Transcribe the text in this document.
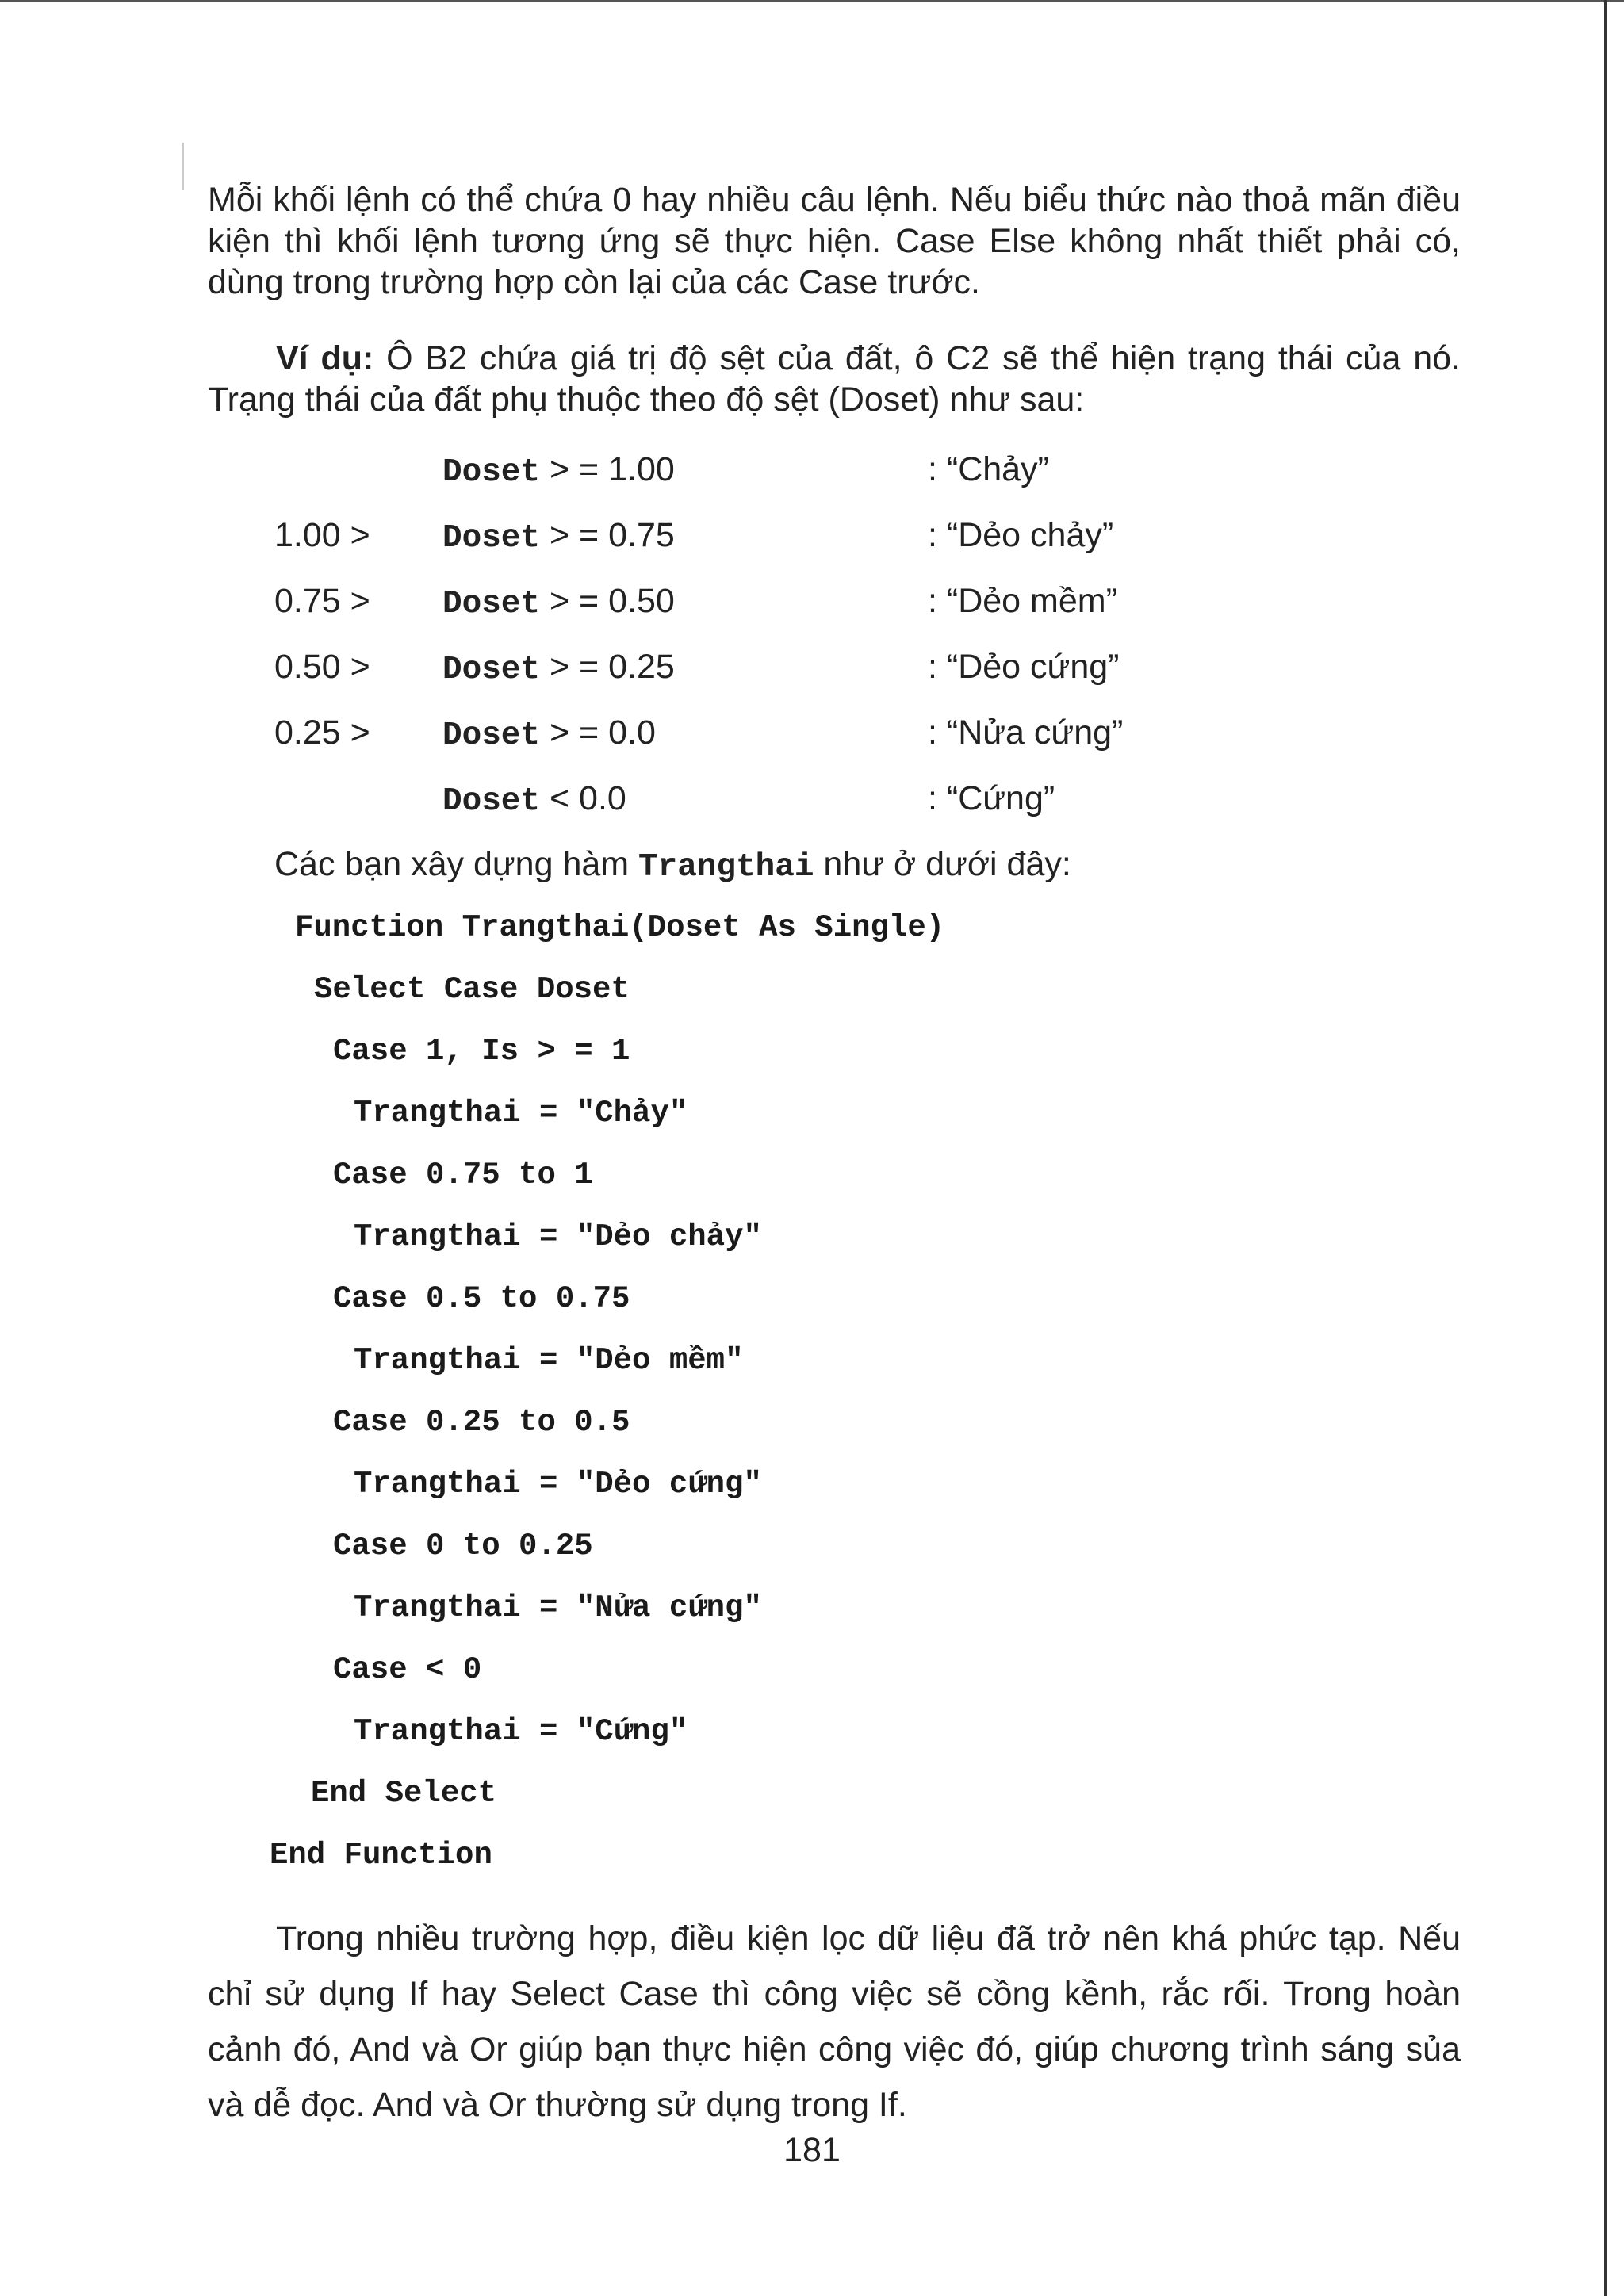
Mỗi khối lệnh có thể chứa 0 hay nhiều câu lệnh. Nếu biểu thức nào thoả mãn điều kiện thì khối lệnh tương ứng sẽ thực hiện. Case Else không nhất thiết phải có, dùng trong trường hợp còn lại của các Case trước.

Ví dụ: Ô B2 chứa giá trị độ sệt của đất, ô C2 sẽ thể hiện trạng thái của nó. Trạng thái của đất phụ thuộc theo độ sệt (Doset) như sau:

Doset > = 1.00	: “Chảy”
1.00 > Doset > = 0.75	: “Dẻo chảy”
0.75 > Doset > = 0.50	: “Dẻo mềm”
0.50 > Doset > = 0.25	: “Dẻo cứng”
0.25 > Doset > = 0.0	: “Nửa cứng”
Doset < 0.0	: “Cứng”
Các bạn xây dựng hàm Trangthai như ở dưới đây:
Function Trangthai(Doset As Single)
Select Case Doset
Case 1, Is > = 1
Trangthai = "Chảy"
Case 0.75 to 1
Trangthai = "Dẻo chảy"
Case 0.5 to 0.75
Trangthai = "Dẻo mềm"
Case 0.25 to 0.5
Trangthai = "Dẻo cứng"
Case 0 to 0.25
Trangthai = "Nửa cứng"
Case < 0
Trangthai = "Cứng"
End Select
End Function

Trong nhiều trường hợp, điều kiện lọc dữ liệu đã trở nên khá phức tạp. Nếu chỉ sử dụng If hay Select Case thì công việc sẽ cồng kềnh, rắc rối. Trong hoàn cảnh đó, And và Or giúp bạn thực hiện công việc đó, giúp chương trình sáng sủa và dễ đọc. And và Or thường sử dụng trong If.

181
